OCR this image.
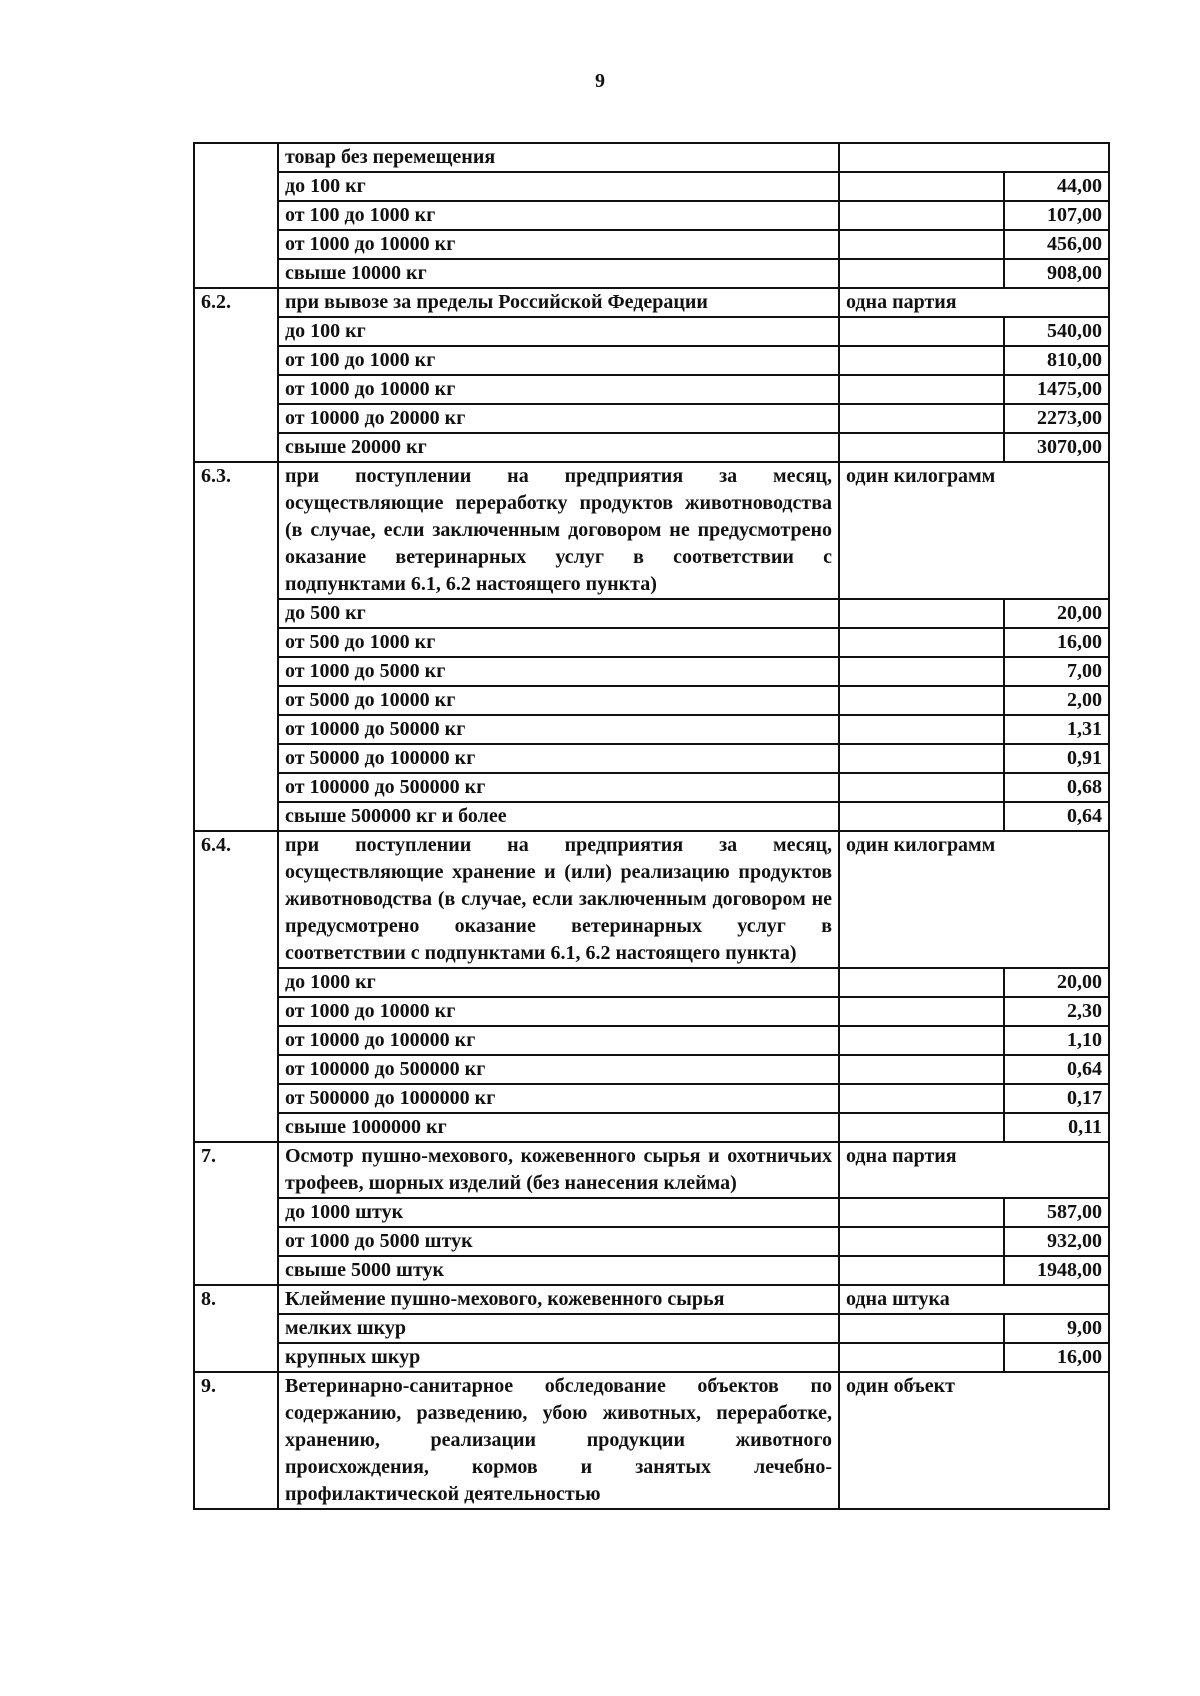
9
	товар без перемещения		
	до 100 кг		44,00
	от 100 до 1000 кг		107,00
	от 1000 до 10000 кг		456,00
	свыше 10000 кг		908,00
6.2.	при вывозе за пределы Российской Федерации	одна партия	
	до 100 кг		540,00
	от 100 до 1000 кг		810,00
	от 1000 до 10000 кг		1475,00
	от 10000 до 20000 кг		2273,00
	свыше 20000 кг		3070,00
6.3.	при поступлении на предприятия за месяц, осуществляющие переработку продуктов животноводства (в случае, если заключенным договором не предусмотрено оказание ветеринарных услуг в соответствии с подпунктами 6.1, 6.2 настоящего пункта)	один килограмм	
	до 500 кг		20,00
	от 500 до 1000 кг		16,00
	от 1000 до 5000 кг		7,00
	от 5000 до 10000 кг		2,00
	от 10000 до 50000 кг		1,31
	от 50000 до 100000 кг		0,91
	от 100000 до 500000 кг		0,68
	свыше 500000 кг и более		0,64
6.4.	при поступлении на предприятия за месяц, осуществляющие хранение и (или) реализацию продуктов животноводства (в случае, если заключенным договором не предусмотрено оказание ветеринарных услуг в соответствии с подпунктами 6.1, 6.2 настоящего пункта)	один килограмм	
	до 1000 кг		20,00
	от 1000 до 10000 кг		2,30
	от 10000 до 100000 кг		1,10
	от 100000 до 500000 кг		0,64
	от 500000 до 1000000 кг		0,17
	свыше 1000000 кг		0,11
7.	Осмотр пушно-мехового, кожевенного сырья и охотничьих трофеев, шорных изделий (без нанесения клейма)	одна партия	
	до 1000 штук		587,00
	от 1000 до 5000 штук		932,00
	свыше 5000 штук		1948,00
8.	Клеймение пушно-мехового, кожевенного сырья	одна штука	
	мелких шкур		9,00
	крупных шкур		16,00
9.	Ветеринарно-санитарное обследование объектов по содержанию, разведению, убою животных, переработке, хранению, реализации продукции животного происхождения, кормов и занятых лечебно-профилактической деятельностью	один объект	
